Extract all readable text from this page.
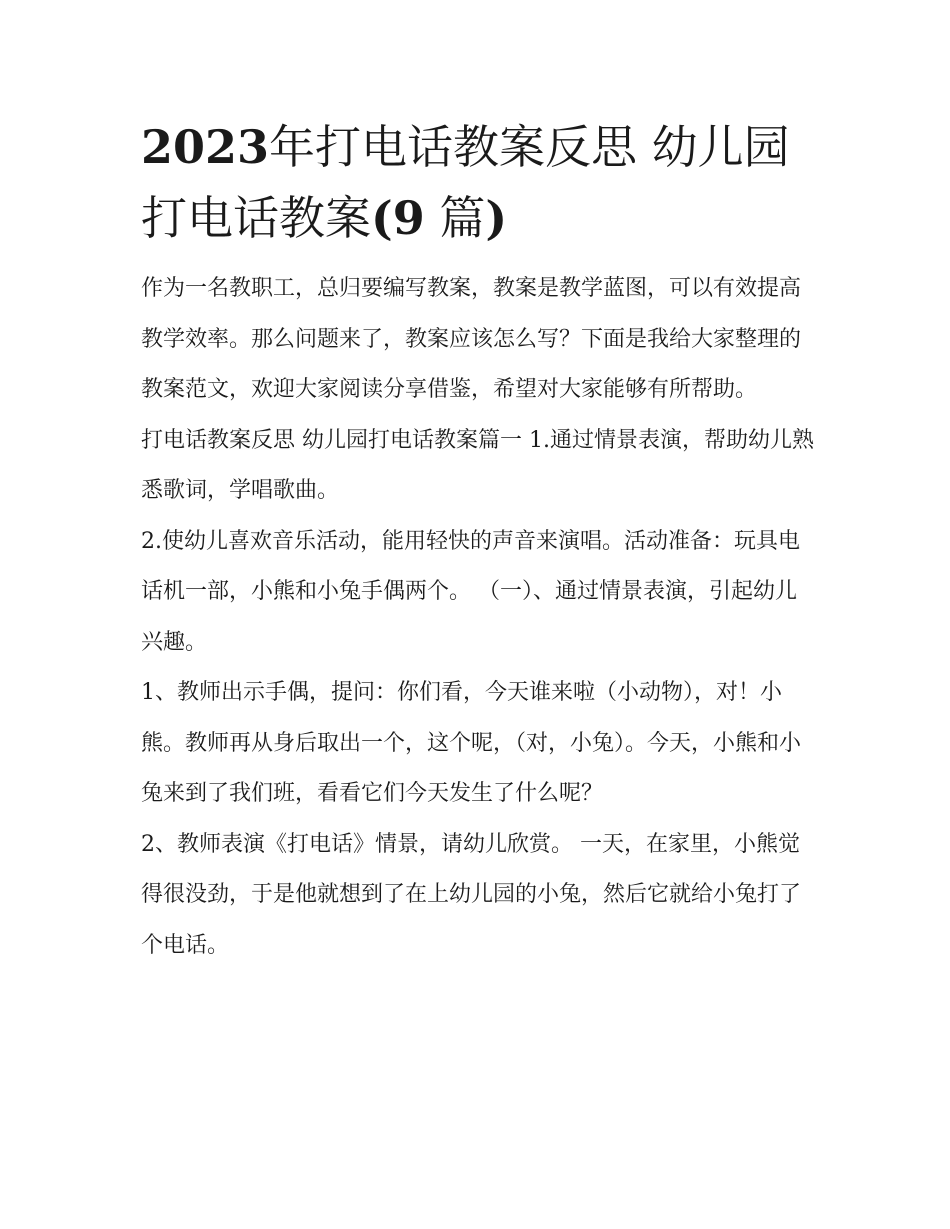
2023年打电话教案反思 幼儿园打电话教案(9 篇)

作为一名教职工，总归要编写教案，教案是教学蓝图，可以有效提高教学效率。那么问题来了，教案应该怎么写？下面是我给大家整理的教案范文，欢迎大家阅读分享借鉴，希望对大家能够有所帮助。

打电话教案反思 幼儿园打电话教案篇一 1.通过情景表演，帮助幼儿熟悉歌词，学唱歌曲。

2.使幼儿喜欢音乐活动，能用轻快的声音来演唱。活动准备：玩具电话机一部，小熊和小兔手偶两个。 （一）、通过情景表演，引起幼儿兴趣。

1、教师出示手偶，提问：你们看，今天谁来啦（小动物），对！小熊。教师再从身后取出一个，这个呢，（对，小兔）。今天，小熊和小兔来到了我们班，看看它们今天发生了什么呢？

2、教师表演《打电话》情景，请幼儿欣赏。 一天，在家里，小熊觉得很没劲，于是他就想到了在上幼儿园的小兔，然后它就给小兔打了个电话。
